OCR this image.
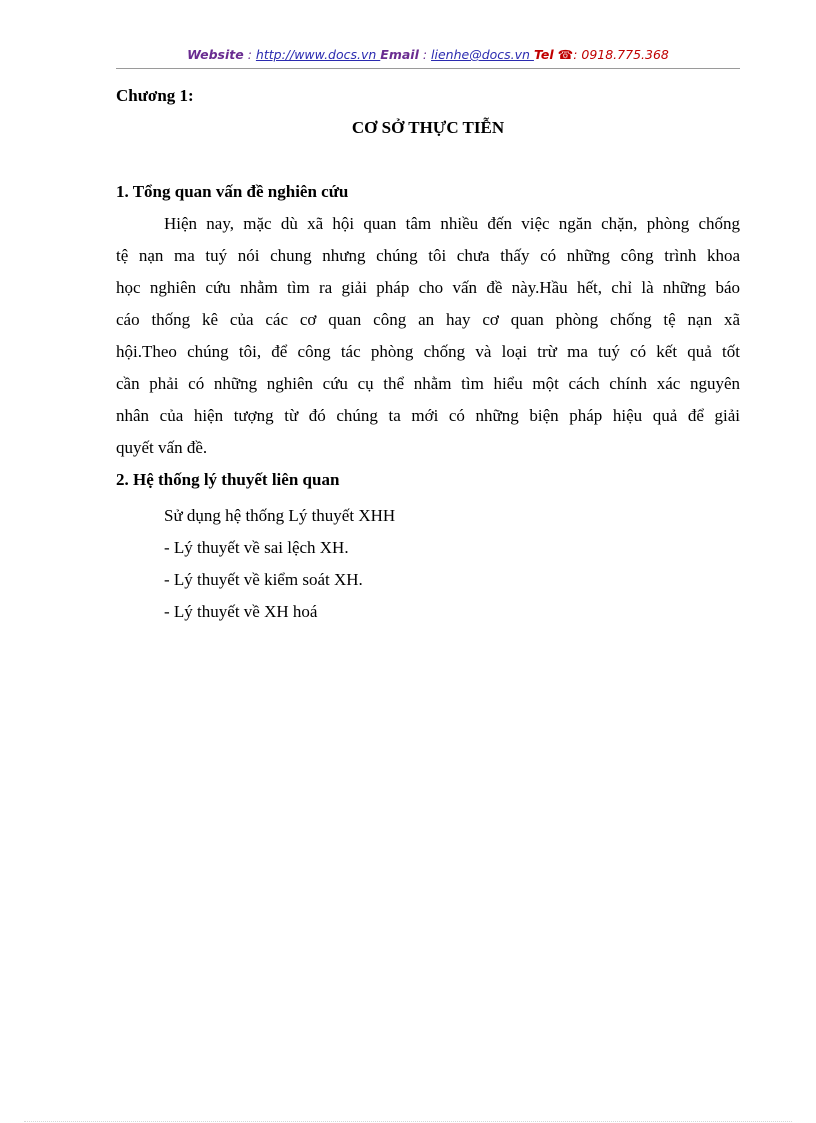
Website : http://www.docs.vn Email : lienhe@docs.vn Tel ☎: 0918.775.368
Chương 1:
CƠ SỞ THỰC TIỄN
1. Tổng quan vấn đề nghiên cứu
Hiện nay, mặc dù xã hội quan tâm nhiều đến việc ngăn chặn, phòng chống
tệ nạn ma tuý nói chung nhưng chúng tôi chưa thấy có những công trình khoa
học nghiên cứu nhằm tìm ra giải pháp cho vấn đề này.Hầu hết, chỉ là những báo
cáo thống kê của các cơ quan công an hay cơ quan phòng chống tệ nạn xã
hội.Theo chúng tôi, để công tác phòng chống và loại trừ ma tuý có kết quả tốt
cần phải có những nghiên cứu cụ thể nhằm tìm hiểu một cách chính xác nguyên
nhân của hiện tượng từ đó chúng ta mới có những biện pháp hiệu quả để giải
quyết vấn đề.
2. Hệ thống lý thuyết liên quan
Sử dụng hệ thống Lý thuyết XHH
- Lý thuyết về sai lệch XH.
- Lý thuyết về kiểm soát XH.
- Lý thuyết về XH hoá
